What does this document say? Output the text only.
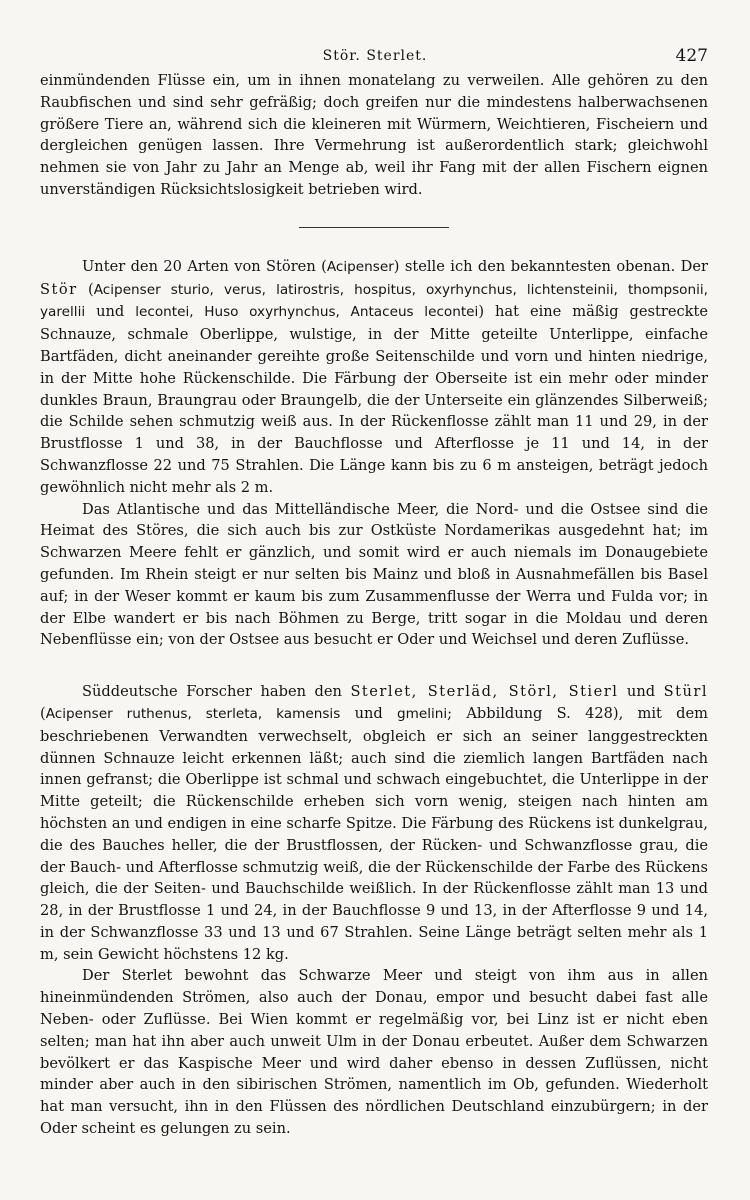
Stör. Sterlet.	427

einmündenden Flüsse ein, um in ihnen monatelang zu verweilen. Alle gehören zu den Raubfischen und sind sehr gefräßig; doch greifen nur die mindestens halberwachsenen größere Tiere an, während sich die kleineren mit Würmern, Weichtieren, Fischeiern und dergleichen genügen lassen. Ihre Vermehrung ist außerordentlich stark; gleichwohl nehmen sie von Jahr zu Jahr an Menge ab, weil ihr Fang mit der allen Fischern eignen unverständigen Rücksichtslosigkeit betrieben wird.

Unter den 20 Arten von Stören (Acipenser) stelle ich den bekanntesten obenan. Der Stör (Acipenser sturio, verus, latirostris, hospitus, oxyrhynchus, lichtensteinii, thompsonii, yarellii und lecontei, Huso oxyrhynchus, Antaceus lecontei) hat eine mäßig gestreckte Schnauze, schmale Oberlippe, wulstige, in der Mitte geteilte Unterlippe, einfache Bartfäden, dicht aneinander gereihte große Seitenschilde und vorn und hinten niedrige, in der Mitte hohe Rückenschilde. Die Färbung der Oberseite ist ein mehr oder minder dunkles Braun, Braungrau oder Braungelb, die der Unterseite ein glänzendes Silberweiß; die Schilde sehen schmutzig weiß aus. In der Rückenflosse zählt man 11 und 29, in der Brustflosse 1 und 38, in der Bauchflosse und Afterflosse je 11 und 14, in der Schwanzflosse 22 und 75 Strahlen. Die Länge kann bis zu 6 m ansteigen, beträgt jedoch gewöhnlich nicht mehr als 2 m.

Das Atlantische und das Mittelländische Meer, die Nord- und die Ostsee sind die Heimat des Störes, die sich auch bis zur Ostküste Nordamerikas ausgedehnt hat; im Schwarzen Meere fehlt er gänzlich, und somit wird er auch niemals im Donaugebiete gefunden. Im Rhein steigt er nur selten bis Mainz und bloß in Ausnahmefällen bis Basel auf; in der Weser kommt er kaum bis zum Zusammenflusse der Werra und Fulda vor; in der Elbe wandert er bis nach Böhmen zu Berge, tritt sogar in die Moldau und deren Nebenflüsse ein; von der Ostsee aus besucht er Oder und Weichsel und deren Zuflüsse.

Süddeutsche Forscher haben den Sterlet, Sterläd, Störl, Stierl und Stürl (Acipenser ruthenus, sterleta, kamensis und gmelini; Abbildung S. 428), mit dem beschriebenen Verwandten verwechselt, obgleich er sich an seiner langgestreckten dünnen Schnauze leicht erkennen läßt; auch sind die ziemlich langen Bartfäden nach innen gefranst; die Oberlippe ist schmal und schwach eingebuchtet, die Unterlippe in der Mitte geteilt; die Rückenschilde erheben sich vorn wenig, steigen nach hinten am höchsten an und endigen in eine scharfe Spitze. Die Färbung des Rückens ist dunkelgrau, die des Bauches heller, die der Brustflossen, der Rücken- und Schwanzflosse grau, die der Bauch- und Afterflosse schmutzig weiß, die der Rückenschilde der Farbe des Rückens gleich, die der Seiten- und Bauchschilde weißlich. In der Rückenflosse zählt man 13 und 28, in der Brustflosse 1 und 24, in der Bauchflosse 9 und 13, in der Afterflosse 9 und 14, in der Schwanzflosse 33 und 13 und 67 Strahlen. Seine Länge beträgt selten mehr als 1 m, sein Gewicht höchstens 12 kg.

Der Sterlet bewohnt das Schwarze Meer und steigt von ihm aus in allen hineinmündenden Strömen, also auch der Donau, empor und besucht dabei fast alle Neben- oder Zuflüsse. Bei Wien kommt er regelmäßig vor, bei Linz ist er nicht eben selten; man hat ihn aber auch unweit Ulm in der Donau erbeutet. Außer dem Schwarzen bevölkert er das Kaspische Meer und wird daher ebenso in dessen Zuflüssen, nicht minder aber auch in den sibirischen Strömen, namentlich im Ob, gefunden. Wiederholt hat man versucht, ihn in den Flüssen des nördlichen Deutschland einzubürgern; in der Oder scheint es gelungen zu sein.
